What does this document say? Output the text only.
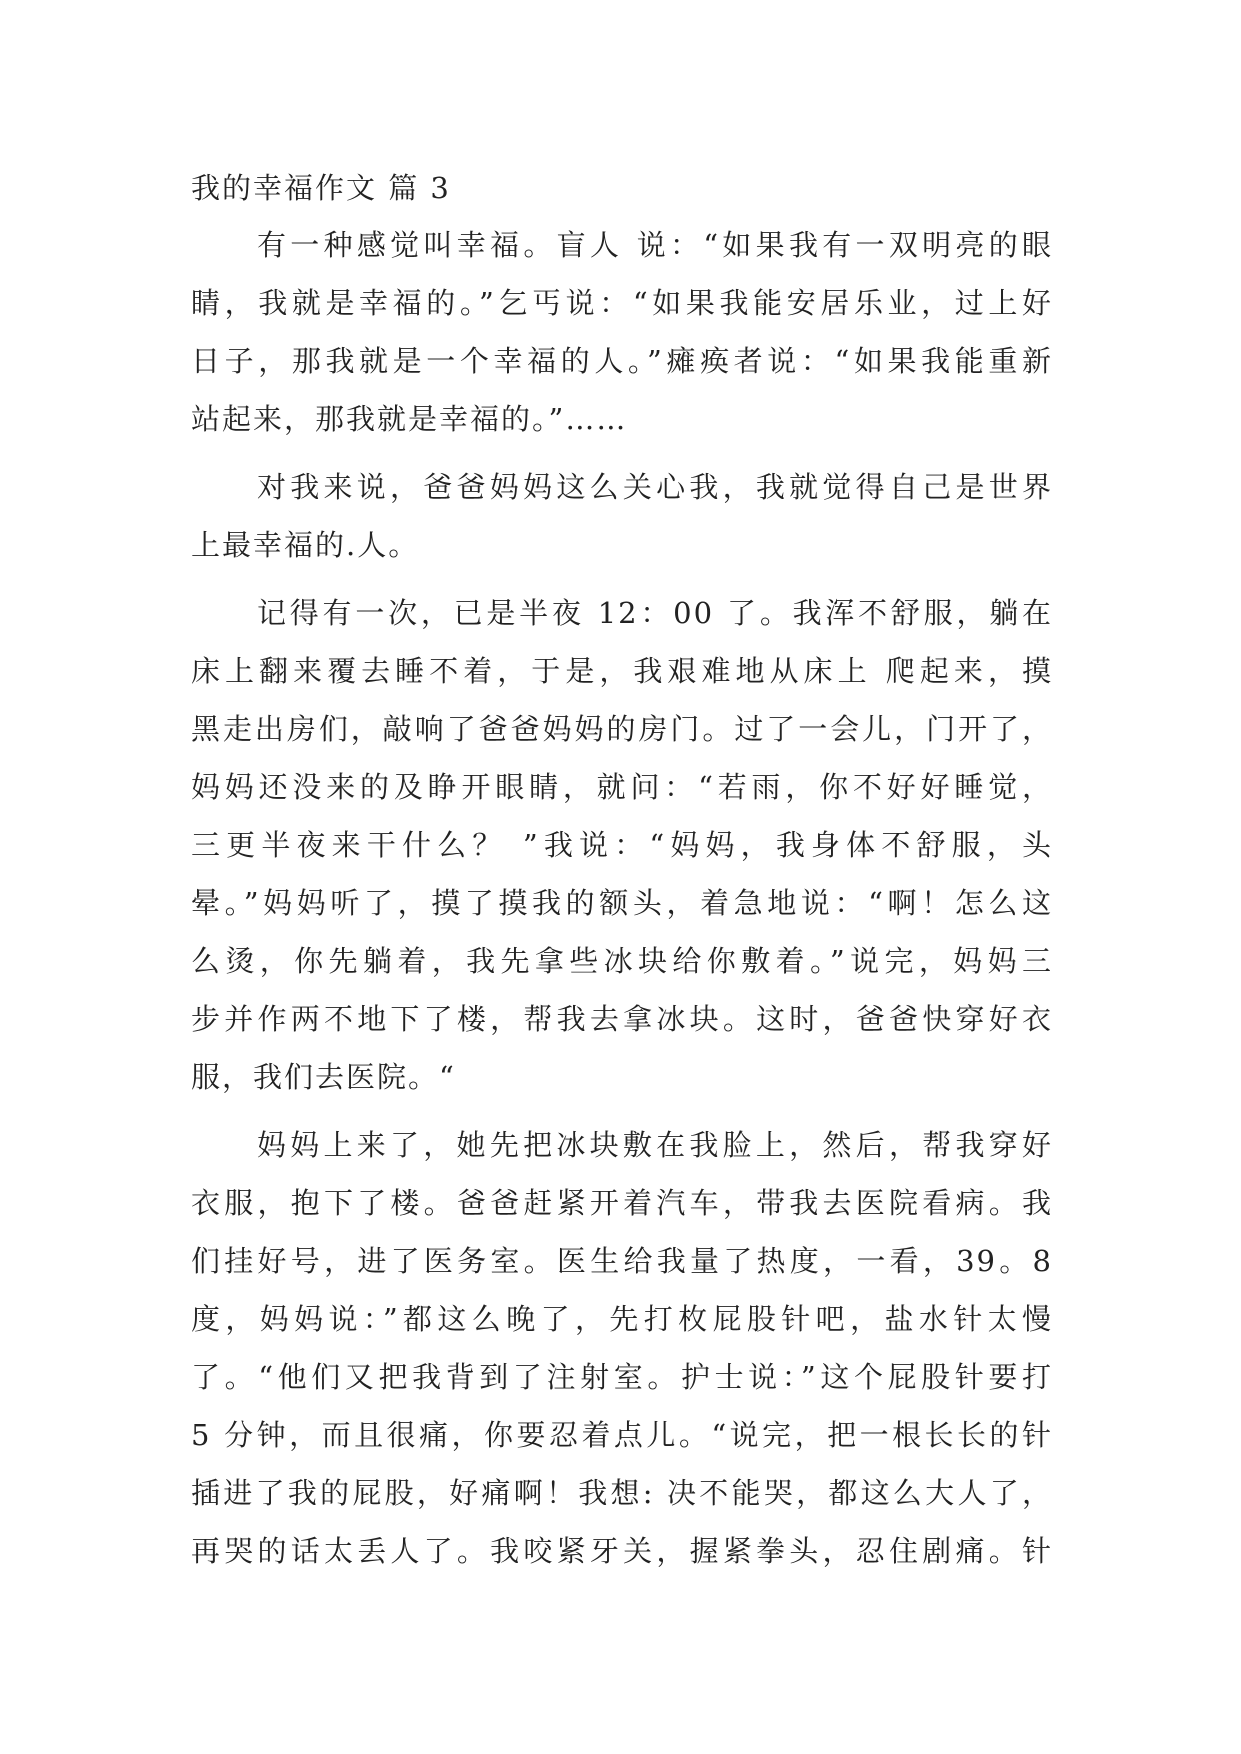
我的幸福作文 篇 3
有一种感觉叫幸福。盲人 说：“如果我有一双明亮的眼
睛，我就是幸福的。”乞丐说：“如果我能安居乐业，过上好
日子，那我就是一个幸福的人。”瘫痪者说：“如果我能重新
站起来，那我就是幸福的。”……
对我来说，爸爸妈妈这么关心我，我就觉得自己是世界
上最幸福的.人。
记得有一次，已是半夜 12：00 了。我浑不舒服，躺在
床上翻来覆去睡不着，于是，我艰难地从床上 爬起来，摸
黑走出房们，敲响了爸爸妈妈的房门。过了一会儿，门开了，
妈妈还没来的及睁开眼睛，就问：“若雨，你不好好睡觉，
三更半夜来干什么？ ”我说：“妈妈，我身体不舒服，头
晕。”妈妈听了，摸了摸我的额头，着急地说：“啊！怎么这
么烫，你先躺着，我先拿些冰块给你敷着。”说完，妈妈三
步并作两不地下了楼，帮我去拿冰块。这时，爸爸快穿好衣
服，我们去医院。“
妈妈上来了，她先把冰块敷在我脸上，然后，帮我穿好
衣服，抱下了楼。爸爸赶紧开着汽车，带我去医院看病。我
们挂好号，进了医务室。医生给我量了热度，一看，39。8
度，妈妈说：”都这么晚了，先打枚屁股针吧，盐水针太慢
了。“他们又把我背到了注射室。护士说：”这个屁股针要打
5 分钟，而且很痛，你要忍着点儿。“说完，把一根长长的针
插进了我的屁股，好痛啊！我想: 决不能哭，都这么大人了，
再哭的话太丢人了。我咬紧牙关，握紧拳头，忍住剧痛。针
